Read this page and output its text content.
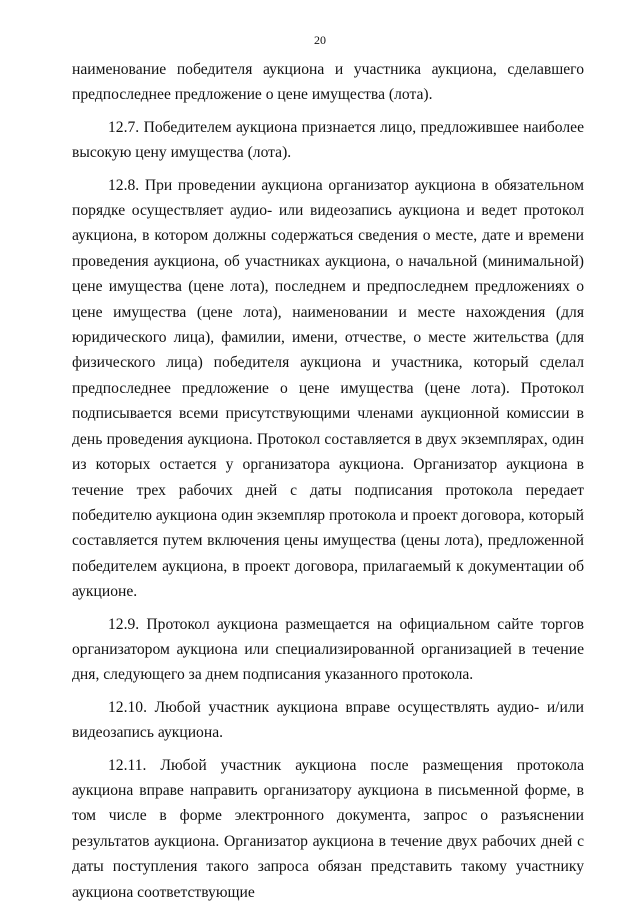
20

наименование победителя аукциона и участника аукциона, сделавшего предпоследнее предложение о цене имущества (лота).

12.7. Победителем аукциона признается лицо, предложившее наиболее высокую цену имущества (лота).

12.8. При проведении аукциона организатор аукциона в обязательном порядке осуществляет аудио- или видеозапись аукциона и ведет протокол аукциона, в котором должны содержаться сведения о месте, дате и времени проведения аукциона, об участниках аукциона, о начальной (минимальной) цене имущества (цене лота), последнем и предпоследнем предложениях о цене имущества (цене лота), наименовании и месте нахождения (для юридического лица), фамилии, имени, отчестве, о месте жительства (для физического лица) победителя аукциона и участника, который сделал предпоследнее предложение о цене имущества (цене лота). Протокол подписывается всеми присутствующими членами аукционной комиссии в день проведения аукциона. Протокол составляется в двух экземплярах, один из которых остается у организатора аукциона. Организатор аукциона в течение трех рабочих дней с даты подписания протокола передает победителю аукциона один экземпляр протокола и проект договора, который составляется путем включения цены имущества (цены лота), предложенной победителем аукциона, в проект договора, прилагаемый к документации об аукционе.

12.9. Протокол аукциона размещается на официальном сайте торгов организатором аукциона или специализированной организацией в течение дня, следующего за днем подписания указанного протокола.

12.10. Любой участник аукциона вправе осуществлять аудио- и/или видеозапись аукциона.

12.11. Любой участник аукциона после размещения протокола аукциона вправе направить организатору аукциона в письменной форме, в том числе в форме электронного документа, запрос о разъяснении результатов аукциона. Организатор аукциона в течение двух рабочих дней с даты поступления такого запроса обязан представить такому участнику аукциона соответствующие
